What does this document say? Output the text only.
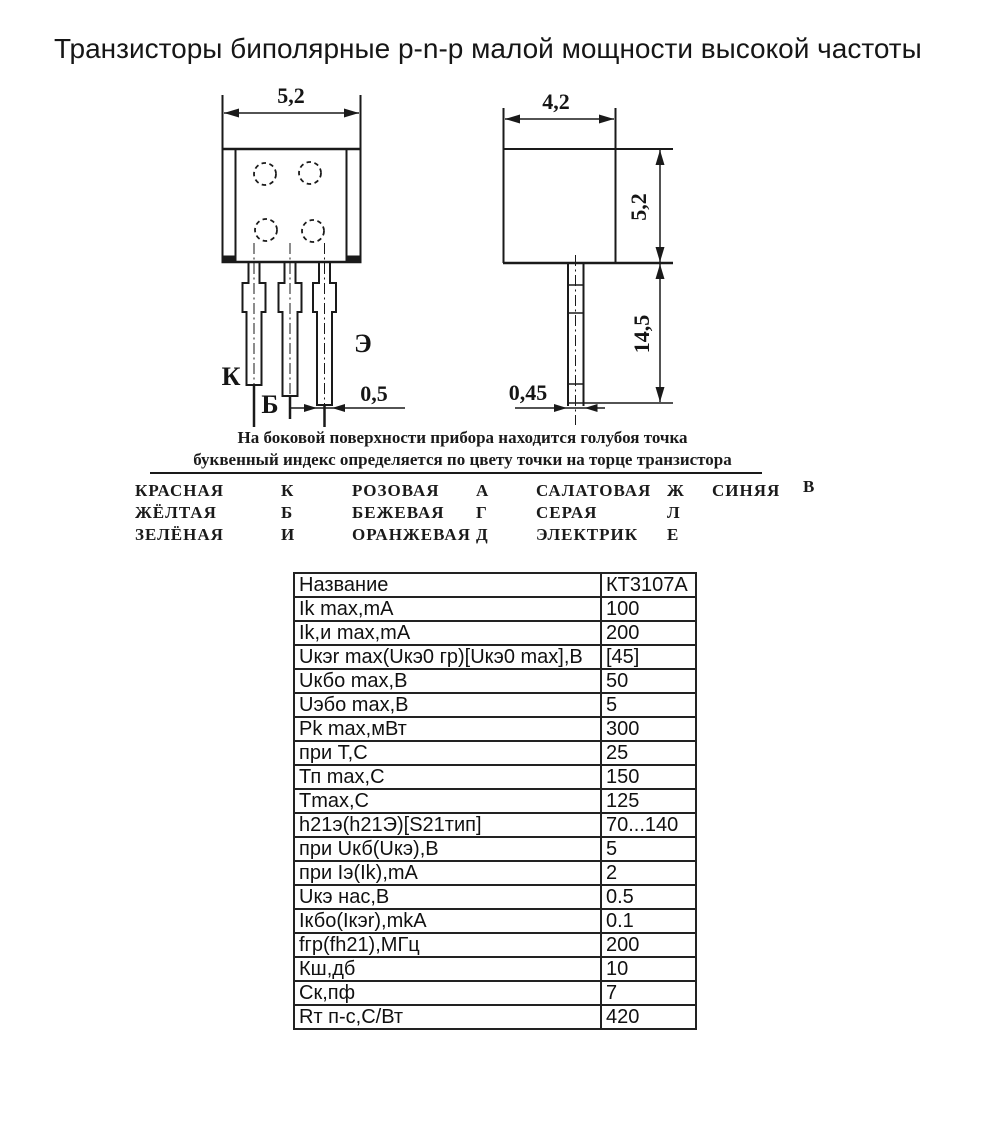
Транзисторы биполярные p-n-p малой мощности высокой частоты
5,2
0,5
К
Б
Э
4,2
0,45
5,2
14,5
На боковой поверхности прибора находится голубоя точка
буквенный индекс определяется по цвету точки на торце транзистора
КРАСНАЯ	К	РОЗОВАЯ А	САЛАТОВАЯ Ж СИНЯЯ В
ЖЁЛТАЯ	Б	БЕЖЕВАЯ Г	СЕРАЯ	Л
ЗЕЛЁНАЯ	И	ОРАНЖЕВАЯ Д	ЭЛЕКТРИК Е
Название	КТ3107А
Ik max,mA	100
Ik,и max,mA	200
Uкэr max(Uкэ0 гр)[Uкэ0 max],В	[45]
Uкбо max,В	50
Uэбо max,В	5
Pk max,мВт	300
при T,C	25
Тп max,C	150
Tmax,C	125
h21э(h21Э)[S21тип]	70...140
при Uкб(Uкэ),В	5
при Iэ(Ik),mA	2
Uкэ нас,В	0.5
Iкбо(Iкэr),mkA	0.1
fгр(fh21),МГц	200
Кш,дб	10
Ск,пф	7
Rт п-с,С/Вт	420
